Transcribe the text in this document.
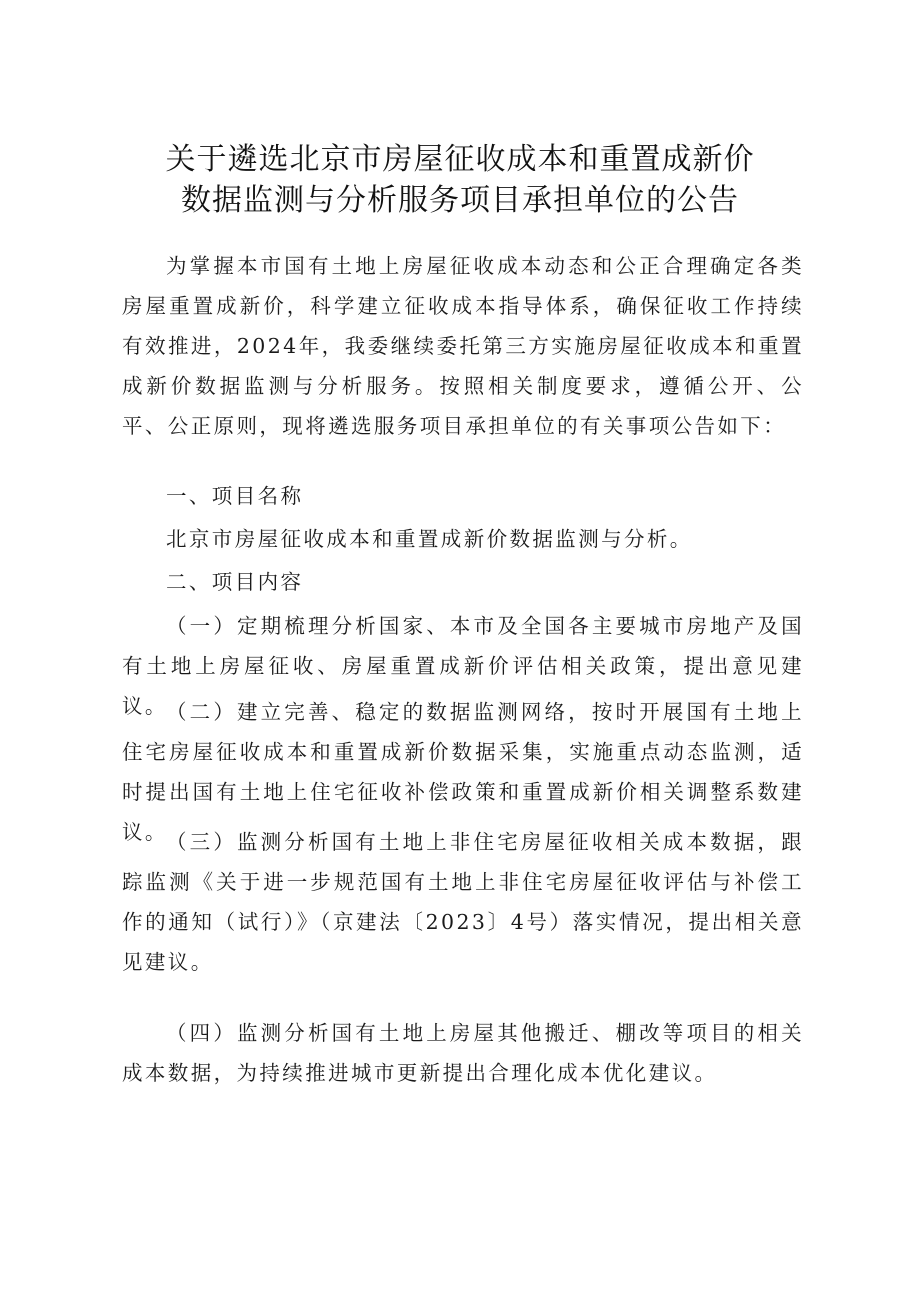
关于遴选北京市房屋征收成本和重置成新价
数据监测与分析服务项目承担单位的公告

为掌握本市国有土地上房屋征收成本动态和公正合理确定各类房屋重置成新价，科学建立征收成本指导体系，确保征收工作持续有效推进，2024年，我委继续委托第三方实施房屋征收成本和重置成新价数据监测与分析服务。按照相关制度要求，遵循公开、公平、公正原则，现将遴选服务项目承担单位的有关事项公告如下：

一、项目名称
北京市房屋征收成本和重置成新价数据监测与分析。
二、项目内容

（一）定期梳理分析国家、本市及全国各主要城市房地产及国有土地上房屋征收、房屋重置成新价评估相关政策，提出意见建议。

（二）建立完善、稳定的数据监测网络，按时开展国有土地上住宅房屋征收成本和重置成新价数据采集，实施重点动态监测，适时提出国有土地上住宅征收补偿政策和重置成新价相关调整系数建议。

（三）监测分析国有土地上非住宅房屋征收相关成本数据，跟踪监测《关于进一步规范国有土地上非住宅房屋征收评估与补偿工作的通知（试行）》（京建法〔2023〕4号）落实情况，提出相关意见建议。

（四）监测分析国有土地上房屋其他搬迁、棚改等项目的相关成本数据，为持续推进城市更新提出合理化成本优化建议。
